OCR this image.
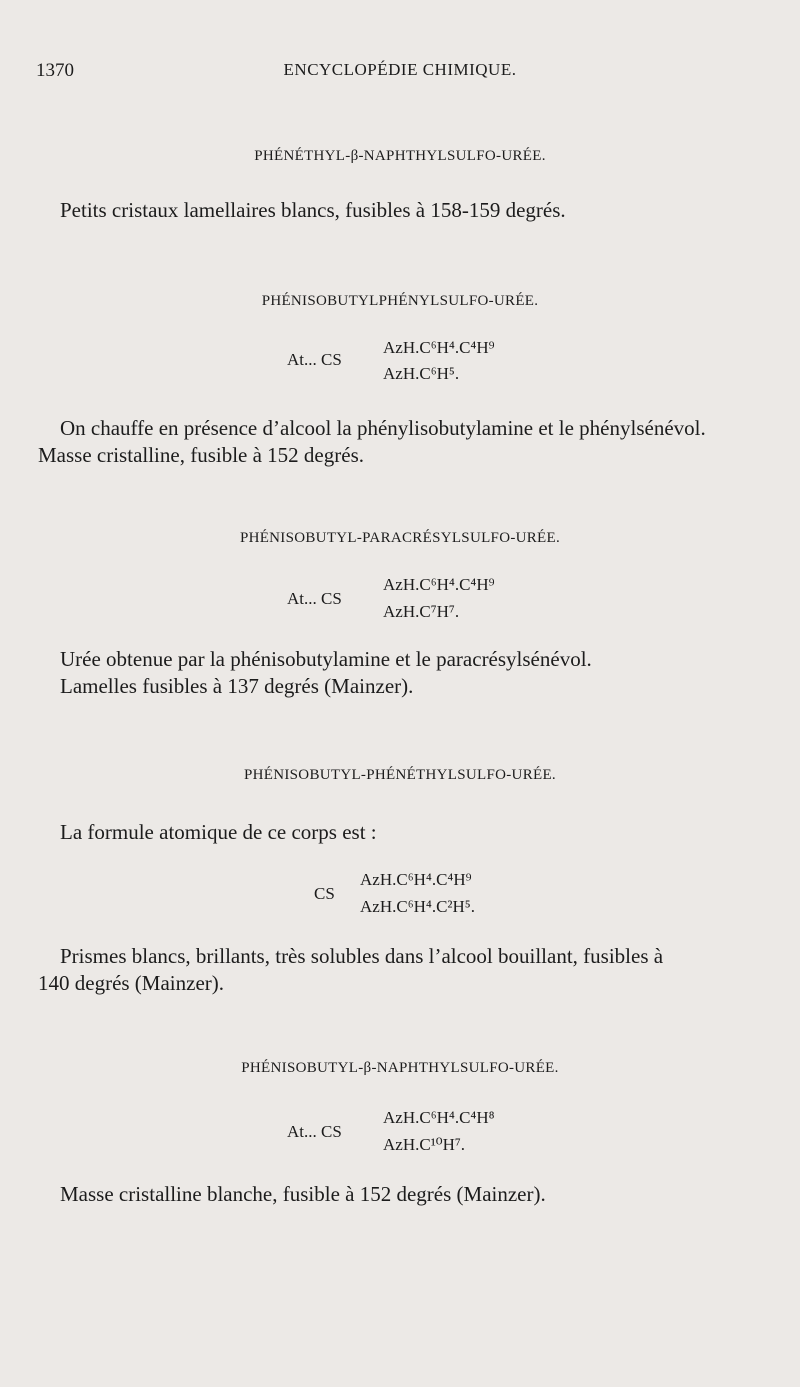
1370	ENCYCLOPÉDIE CHIMIQUE.
PHÉNÉTHYL-β-NAPHTHYLSULFO-URÉE.
Petits cristaux lamellaires blancs, fusibles à 158-159 degrés.
PHÉNISOBUTYLPHÉNYLSULFO-URÉE.
At... CS
AzH.C⁶H⁴.C⁴H⁹
AzH.C⁶H⁵.
On chauffe en présence d’alcool la phénylisobutylamine et le phénylsénévol.
Masse cristalline, fusible à 152 degrés.
PHÉNISOBUTYL-PARACRÉSYLSULFO-URÉE.
At... CS
AzH.C⁶H⁴.C⁴H⁹
AzH.C⁷H⁷.
Urée obtenue par la phénisobutylamine et le paracrésylsénévol.
Lamelles fusibles à 137 degrés (Mainzer).
PHÉNISOBUTYL-PHÉNÉTHYLSULFO-URÉE.
La formule atomique de ce corps est :
CS
AzH.C⁶H⁴.C⁴H⁹
AzH.C⁶H⁴.C²H⁵.
Prismes blancs, brillants, très solubles dans l’alcool bouillant, fusibles à
140 degrés (Mainzer).
PHÉNISOBUTYL-β-NAPHTHYLSULFO-URÉE.
At... CS
AzH.C⁶H⁴.C⁴H⁸
AzH.C¹⁰H⁷.
Masse cristalline blanche, fusible à 152 degrés (Mainzer).
